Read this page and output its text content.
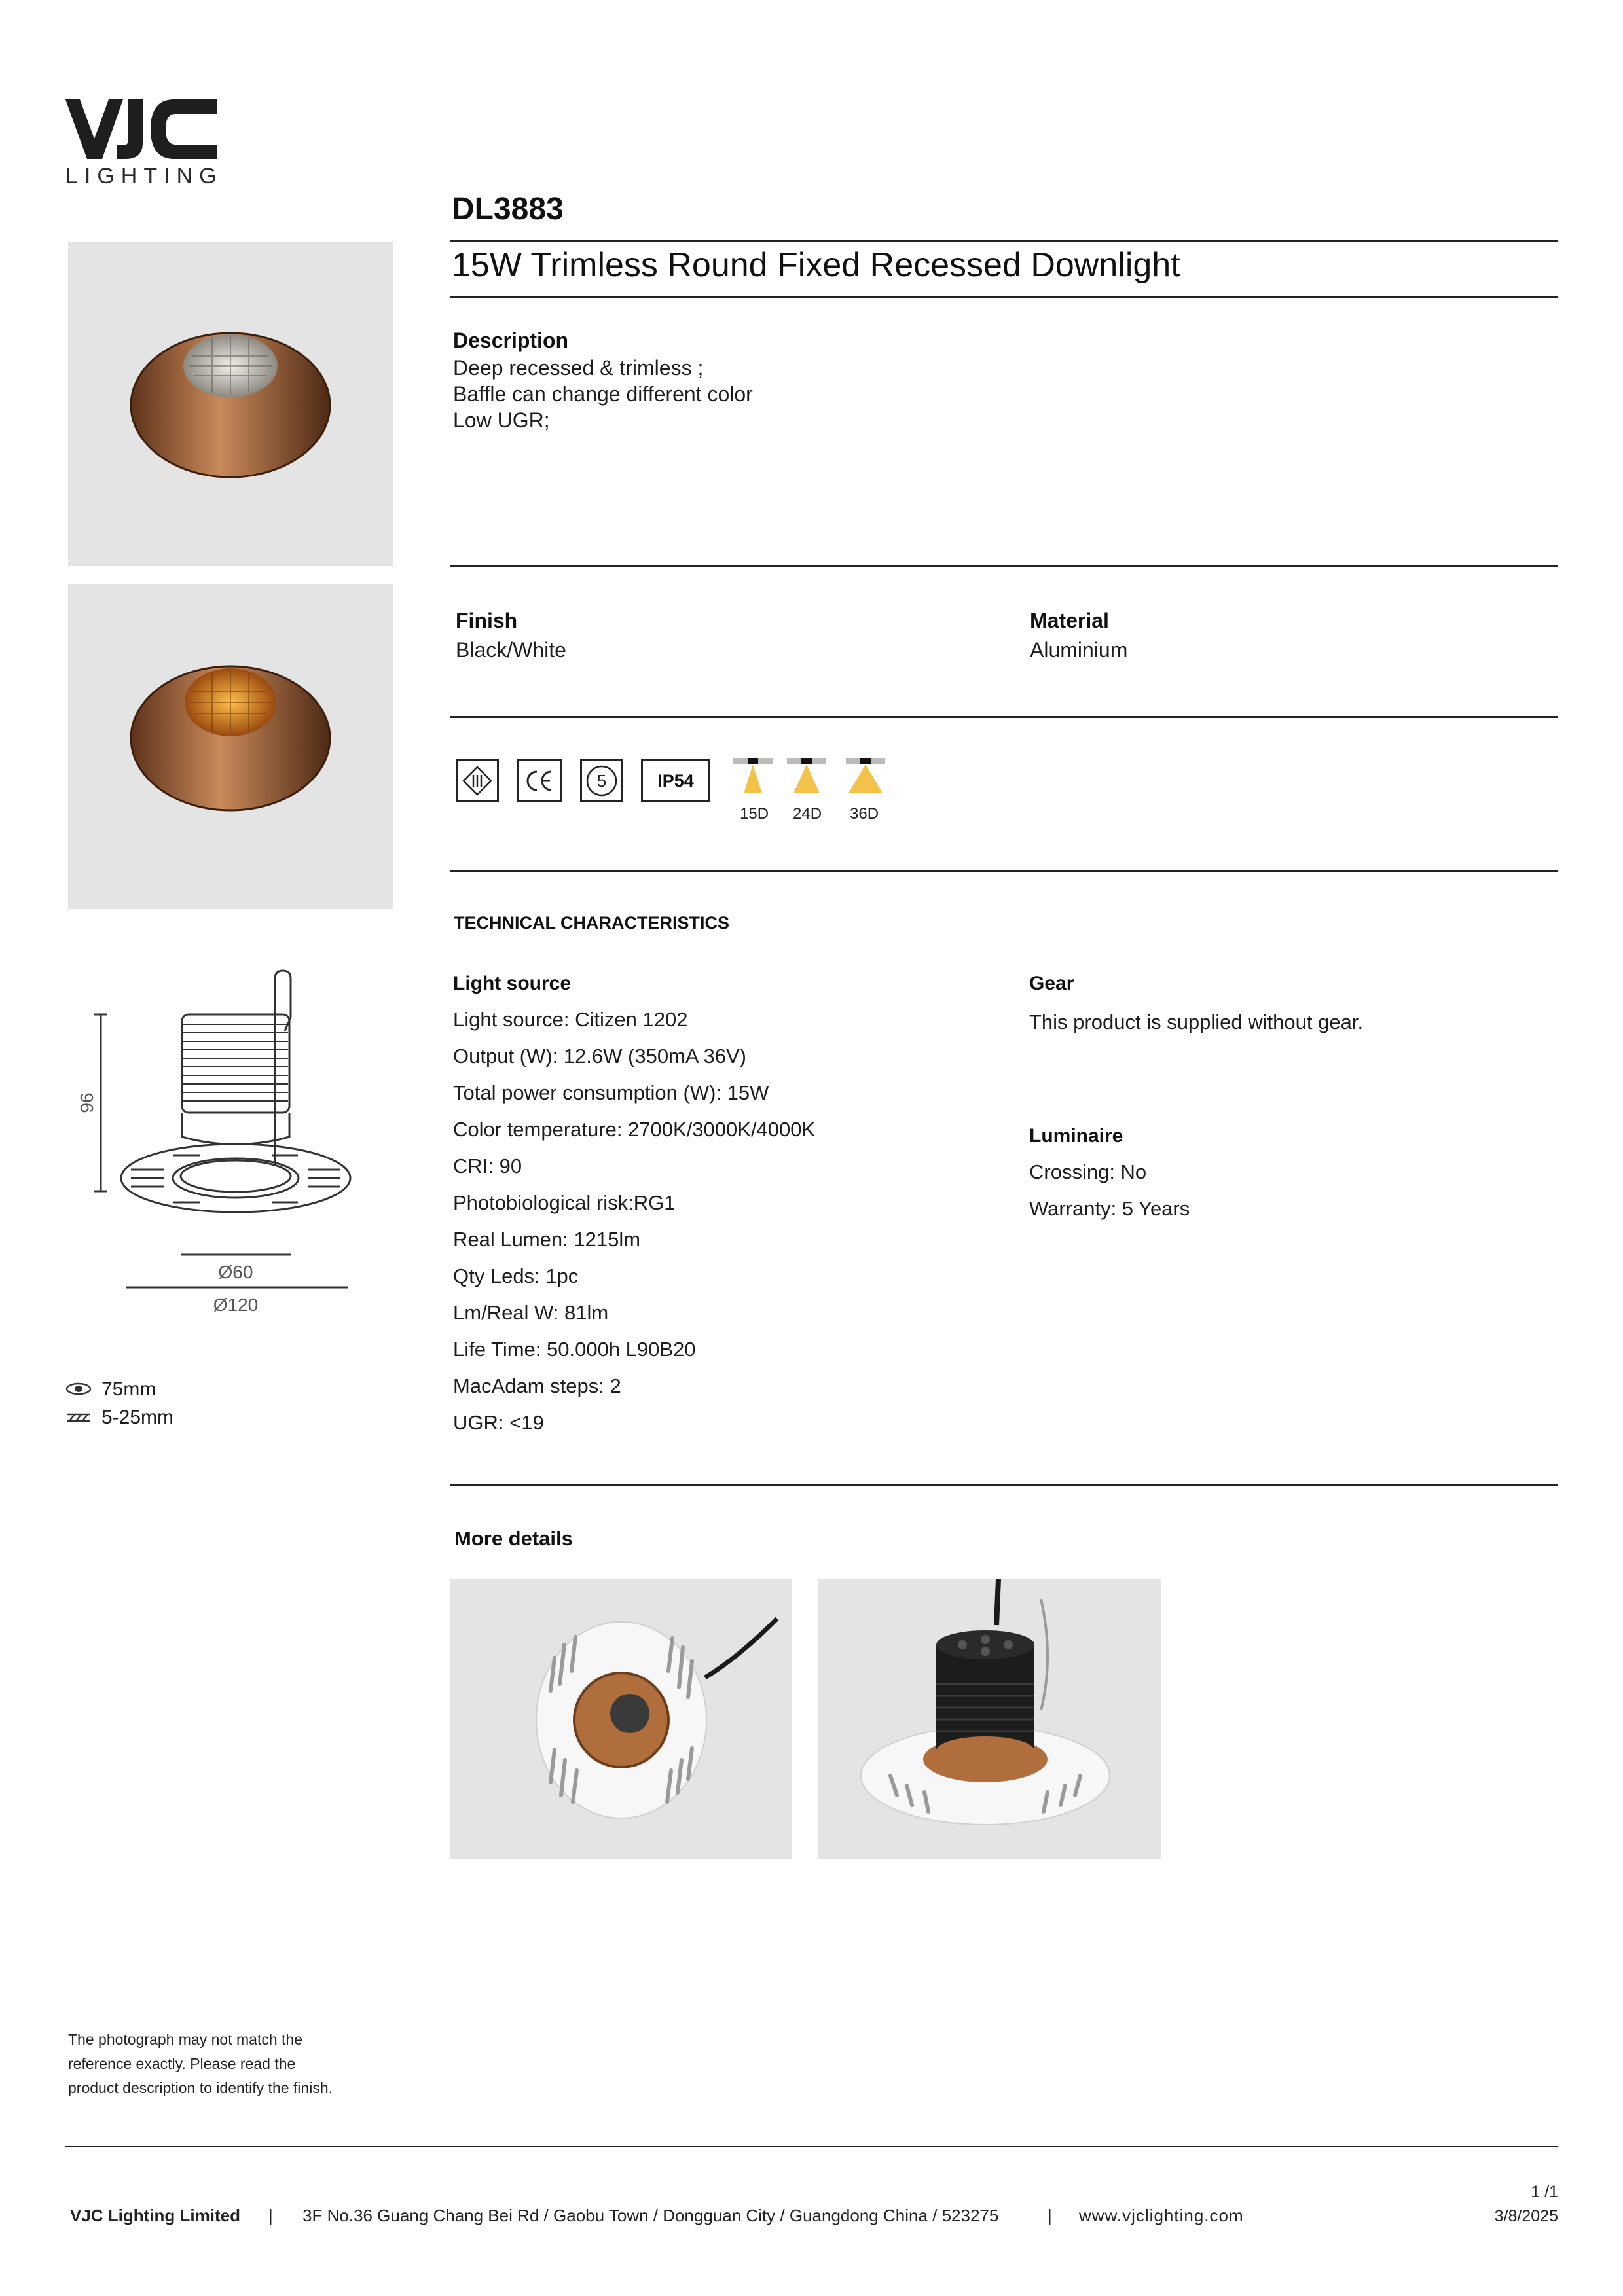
LIGHTING
96
Ø60
Ø120
75mm
5-25mm
DL3883
15W Trimless Round Fixed Recessed Downlight
Description
Deep recessed & trimless ;
Baffle can change different color
Low UGR;
Finish
Black/White
Material
Aluminium
5	IP54
15D 24D 36D
TECHNICAL CHARACTERISTICS
Light source
Light source: Citizen 1202
Output (W): 12.6W (350mA 36V)
Total power consumption (W): 15W
Color temperature: 2700K/3000K/4000K
CRI: 90
Photobiological risk:RG1
Real Lumen: 1215lm
Qty Leds: 1pc
Lm/Real W: 81lm
Life Time: 50.000h L90B20
MacAdam steps: 2
UGR: <19
Gear
This product is supplied without gear.
Luminaire
Crossing: No
Warranty: 5 Years
More details
The photograph may not match the
reference exactly. Please read the
product description to identify the finish.
1 /1
3/8/2025
VJC Lighting Limited | 3F No.36 Guang Chang Bei Rd / Gaobu Town / Dongguan City / Guangdong China / 523275	| www.vjclighting.com
